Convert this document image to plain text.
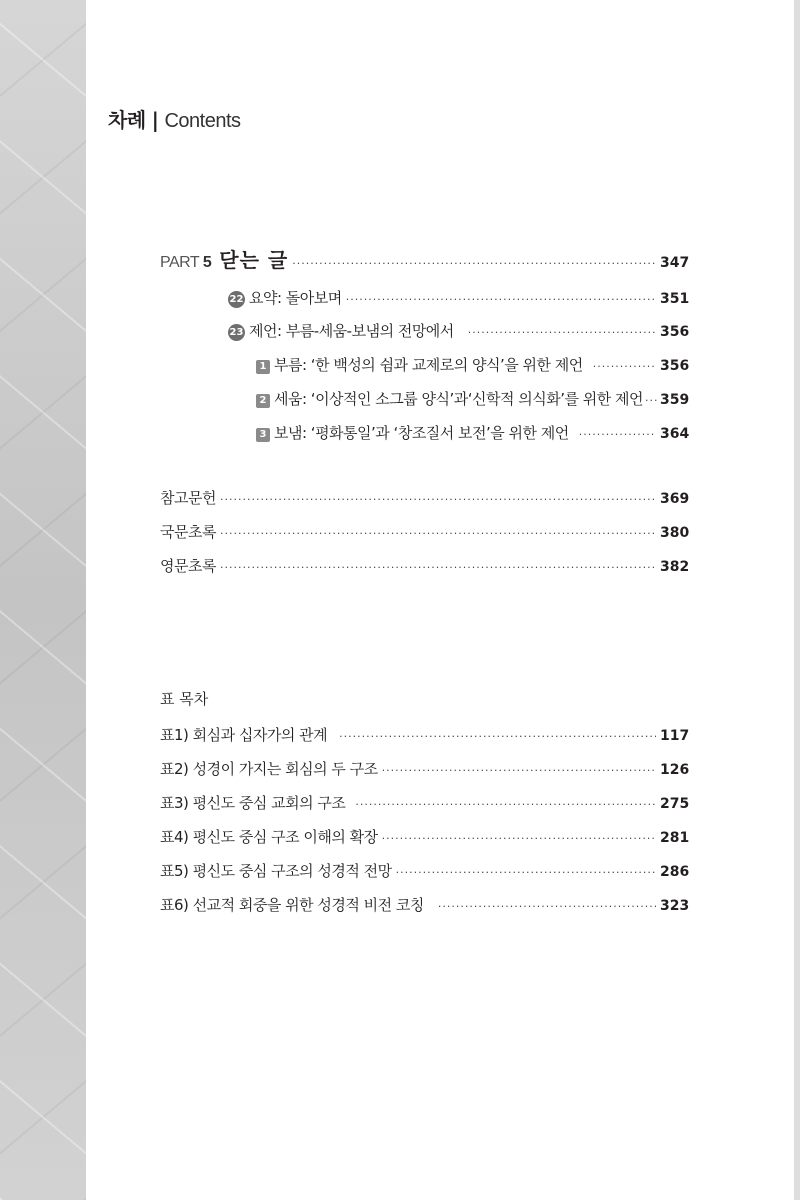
차례 | Contents
PART 5 닫는 글 ·····	347
22 요약: 돌아보며 ·····	351
23 제언: 부름-세움-보냄의 전망에서 ·····	356
1 부름: ‘한 백성의 쉼과 교제로의 양식’을 위한 제언 ·····	356
2 세움: ‘이상적인 소그룹 양식’과‘신학적 의식화’를 위한 제언 ····· 359
3 보냄: ‘평화통일’과 ‘창조질서 보전’을 위한 제언 ·····	364
참고문헌 ·····	369
국문초록 ·····	380
영문초록 ·····	382
표 목차
표1) 회심과 십자가의 관계 ·····	117
표2) 성경이 가지는 회심의 두 구조 ·····	126
표3) 평신도 중심 교회의 구조 ·····	275
표4) 평신도 중심 구조 이해의 확장 ·····	281
표5) 평신도 중심 구조의 성경적 전망 ·····	286
표6) 선교적 회중을 위한 성경적 비전 코칭 ·····	323
